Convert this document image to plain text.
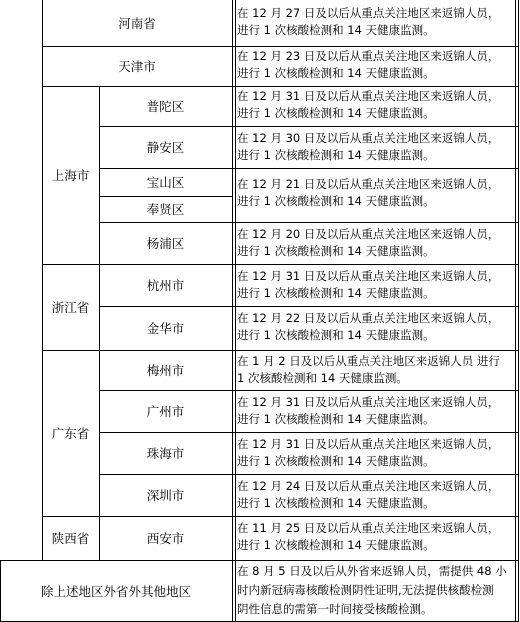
河南省
在 12 月 27 日及以后从重点关注地区来返锦人员，
进行 1 次核酸检测和 14 天健康监测。
天津市
在 12 月 23 日及以后从重点关注地区来返锦人员，
进行 1 次核酸检测和 14 天健康监测。
上海市
普陀区
在 12 月 31 日及以后从重点关注地区来返锦人员，
进行 1 次核酸检测和 14 天健康监测。
静安区
在 12 月 30 日及以后从重点关注地区来返锦人员，
进行 1 次核酸检测和 14 天健康监测。
宝山区
奉贤区
在 12 月 21 日及以后从重点关注地区来返锦人员，
进行 1 次核酸检测和 14 天健康监测。
杨浦区
在 12 月 20 日及以后从重点关注地区来返锦人员，
进行 1 次核酸检测和 14 天健康监测。
浙江省
杭州市
在 12 月 31 日及以后从重点关注地区来返锦人员，
进行 1 次核酸检测和 14 天健康监测。
金华市
在 12 月 22 日及以后从重点关注地区来返锦人员，
进行 1 次核酸检测和 14 天健康监测。
广东省
梅州市
在 1 月 2 日及以后从重点关注地区来返锦人员 进行
1 次核酸检测和 14 天健康监测。
广州市
在 12 月 31 日及以后从重点关注地区来返锦人员，
进行 1 次核酸检测和 14 天健康监测。
珠海市
在 12 月 31 日及以后从重点关注地区来返锦人员，
进行 1 次核酸检测和 14 天健康监测。
深圳市
在 12 月 24 日及以后从重点关注地区来返锦人员，
进行 1 次核酸检测和 14 天健康监测。
陕西省	西安市
在 11 月 25 日及以后从重点关注地区来返锦人员，
进行 1 次核酸检测和 14 天健康监测。
除上述地区外省外其他地区
在 8 月 5 日及以后从外省来返锦人员，需提供 48 小
时内新冠病毒核酸检测阴性证明,无法提供核酸检测
阴性信息的需第一时间接受核酸检测。
